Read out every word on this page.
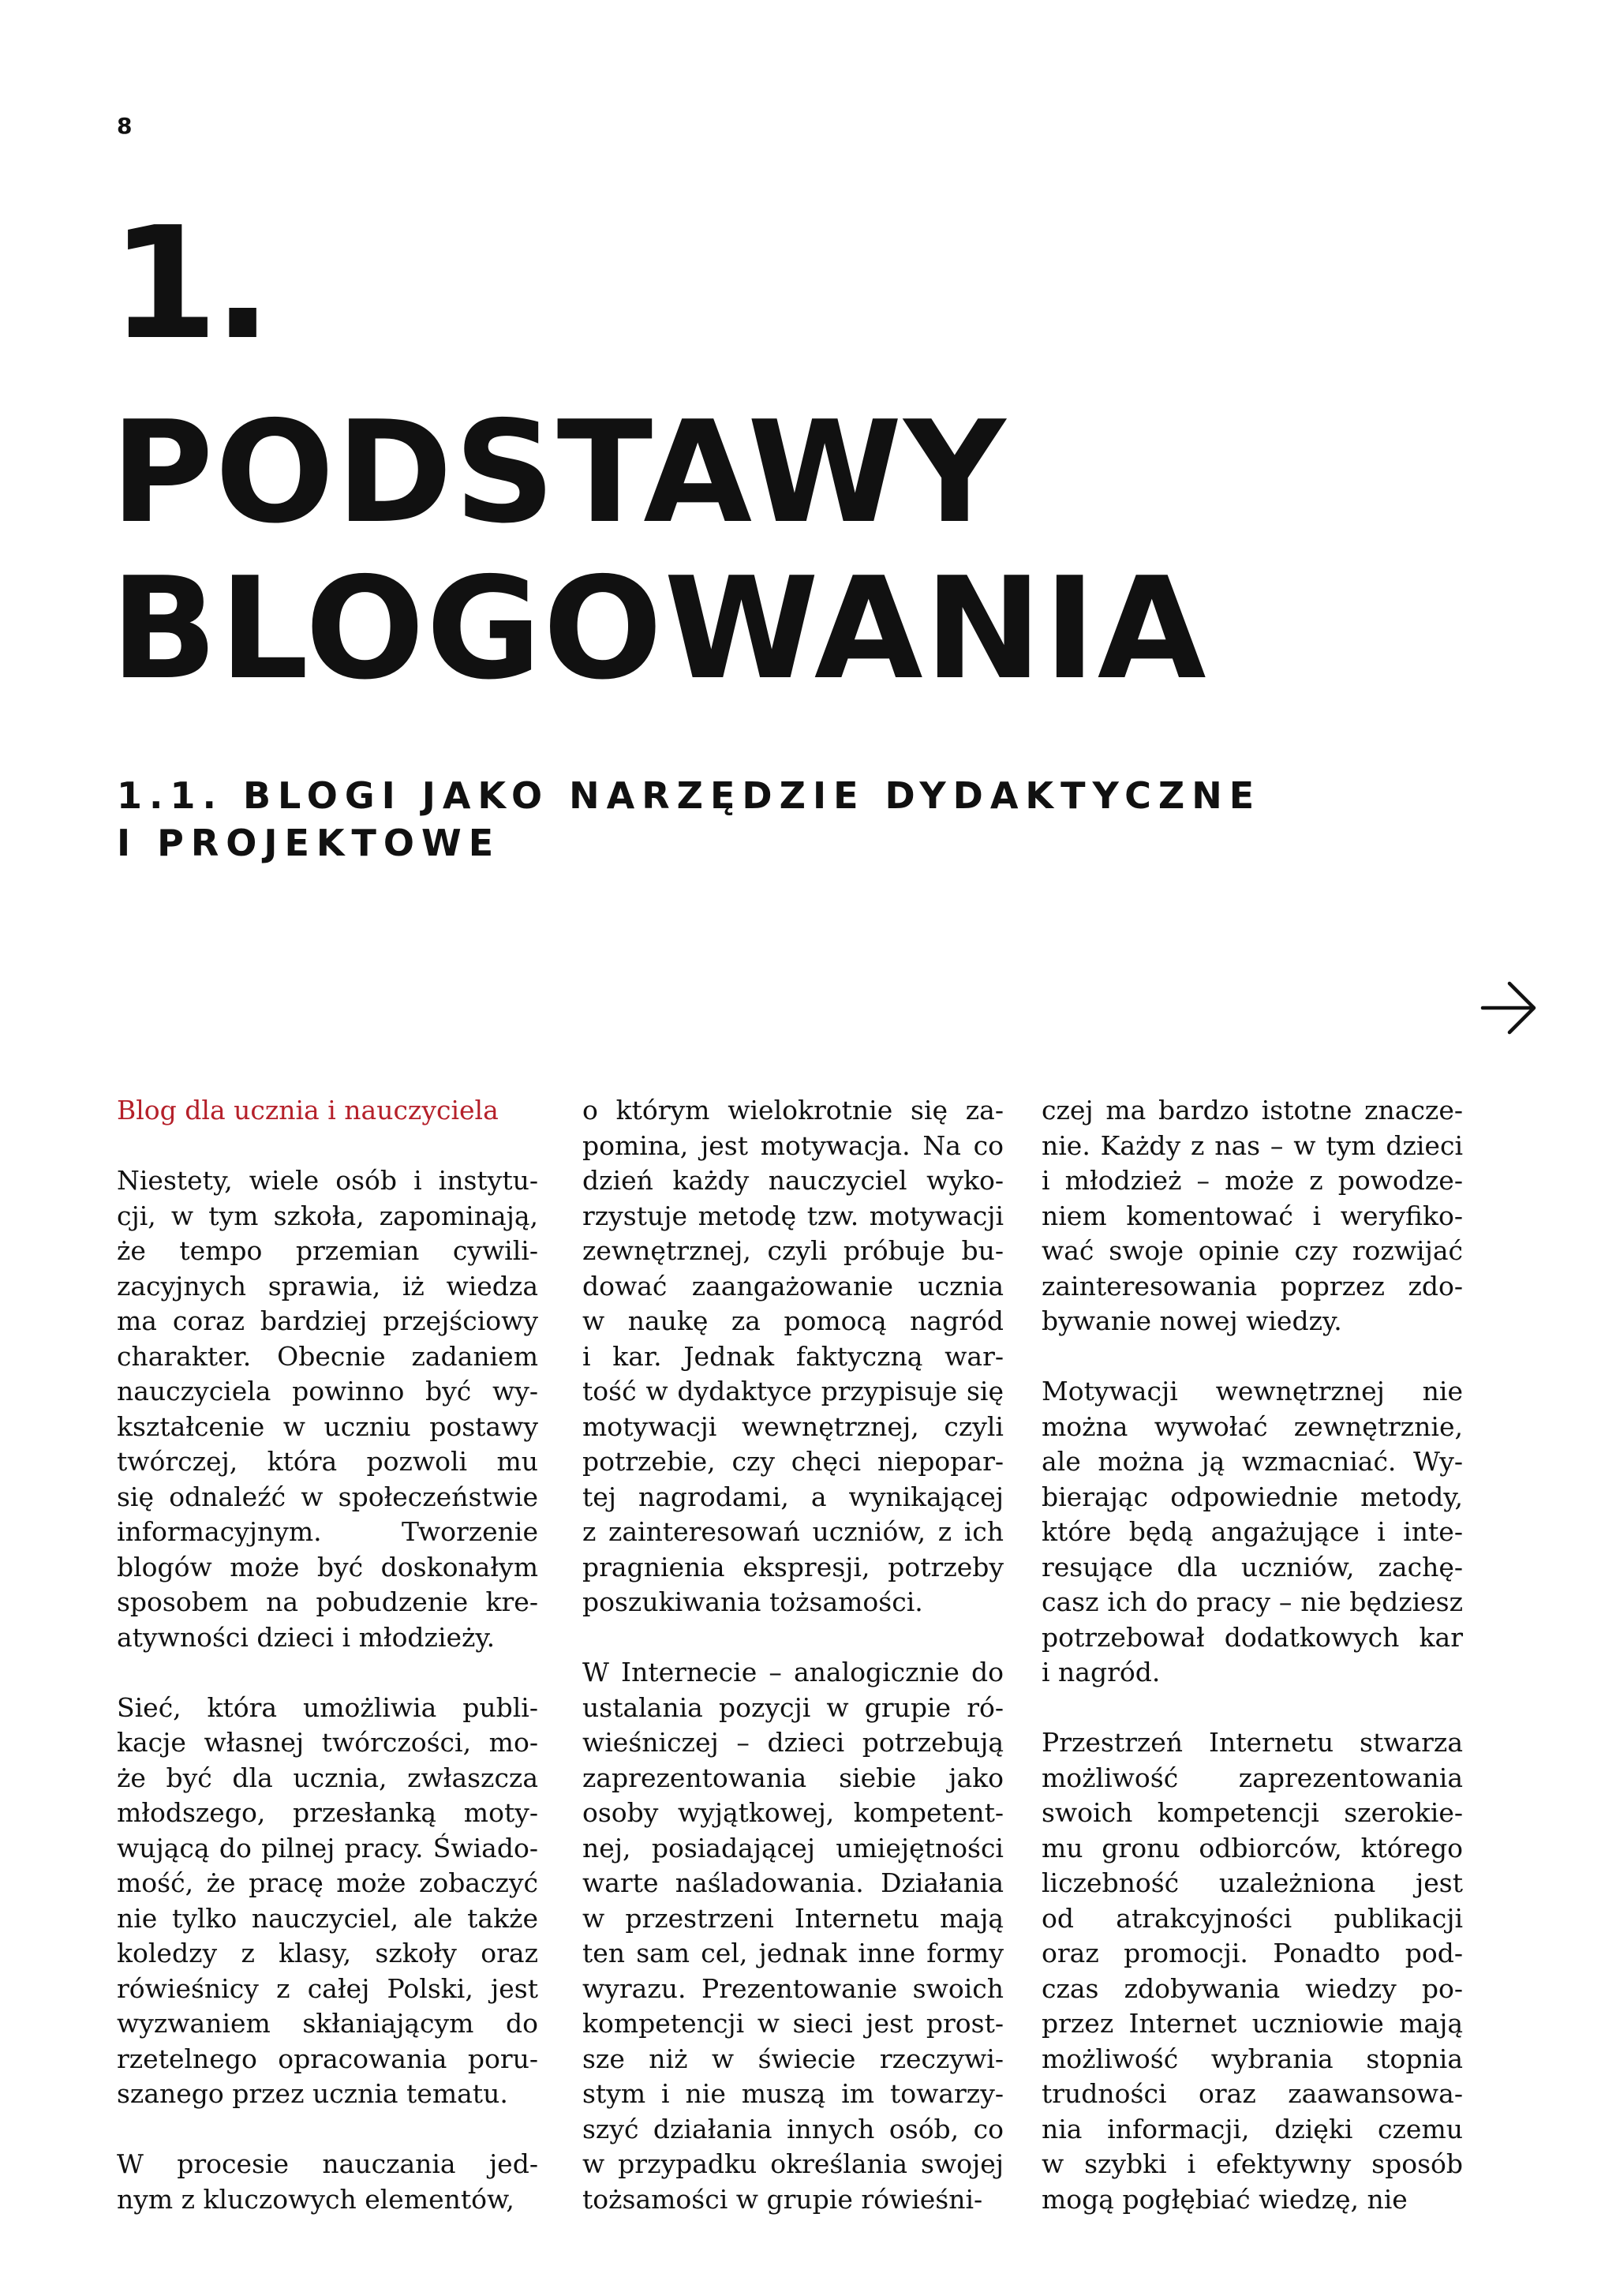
8
1.
PODSTAWY
BLOGOWANIA
1.1. BLOGI JAKO NARZĘDZIE DYDAKTYCZNE
I PROJEKTOWE

Blog dla ucznia i nauczyciela

Niestety, wiele osób i instytu-
cji, w tym szkoła, zapominają,
że tempo przemian cywili-
zacyjnych sprawia, iż wiedza
ma coraz bardziej przejściowy
charakter. Obecnie zadaniem
nauczyciela powinno być wy-
kształcenie w uczniu postawy
twórczej, która pozwoli mu
się odnaleźć w społeczeństwie
informacyjnym. Tworzenie
blogów może być doskonałym
sposobem na pobudzenie kre-
atywności dzieci i młodzieży.

Sieć, która umożliwia publi-
kacje własnej twórczości, mo-
że być dla ucznia, zwłaszcza
młodszego, przesłanką moty-
wującą do pilnej pracy. Świado-
mość, że pracę może zobaczyć
nie tylko nauczyciel, ale także
koledzy z klasy, szkoły oraz
rówieśnicy z całej Polski, jest
wyzwaniem skłaniającym do
rzetelnego opracowania poru-
szanego przez ucznia tematu.

W procesie nauczania jed-
nym z kluczowych elementów,

o którym wielokrotnie się za-
pomina, jest motywacja. Na co
dzień każdy nauczyciel wyko-
rzystuje metodę tzw. motywacji
zewnętrznej, czyli próbuje bu-
dować zaangażowanie ucznia
w naukę za pomocą nagród
i kar. Jednak faktyczną war-
tość w dydaktyce przypisuje się
motywacji wewnętrznej, czyli
potrzebie, czy chęci niepopar-
tej nagrodami, a wynikającej
z zainteresowań uczniów, z ich
pragnienia ekspresji, potrzeby
poszukiwania tożsamości.

W Internecie – analogicznie do
ustalania pozycji w grupie ró-
wieśniczej – dzieci potrzebują
zaprezentowania siebie jako
osoby wyjątkowej, kompetent-
nej, posiadającej umiejętności
warte naśladowania. Działania
w przestrzeni Internetu mają
ten sam cel, jednak inne formy
wyrazu. Prezentowanie swoich
kompetencji w sieci jest prost-
sze niż w świecie rzeczywi-
stym i nie muszą im towarzy-
szyć działania innych osób, co
w przypadku określania swojej
tożsamości w grupie rówieśni-

czej ma bardzo istotne znacze-
nie. Każdy z nas – w tym dzieci
i młodzież – może z powodze-
niem komentować i weryfiko-
wać swoje opinie czy rozwijać
zainteresowania poprzez zdo-
bywanie nowej wiedzy.

Motywacji wewnętrznej nie
można wywołać zewnętrznie,
ale można ją wzmacniać. Wy-
bierając odpowiednie metody,
które będą angażujące i inte-
resujące dla uczniów, zachę-
casz ich do pracy – nie będziesz
potrzebował dodatkowych kar
i nagród.

Przestrzeń Internetu stwarza
możliwość zaprezentowania
swoich kompetencji szerokie-
mu gronu odbiorców, którego
liczebność uzależniona jest
od atrakcyjności publikacji
oraz promocji. Ponadto pod-
czas zdobywania wiedzy po-
przez Internet uczniowie mają
możliwość wybrania stopnia
trudności oraz zaawansowa-
nia informacji, dzięki czemu
w szybki i efektywny sposób
mogą pogłębiać wiedzę, nie
